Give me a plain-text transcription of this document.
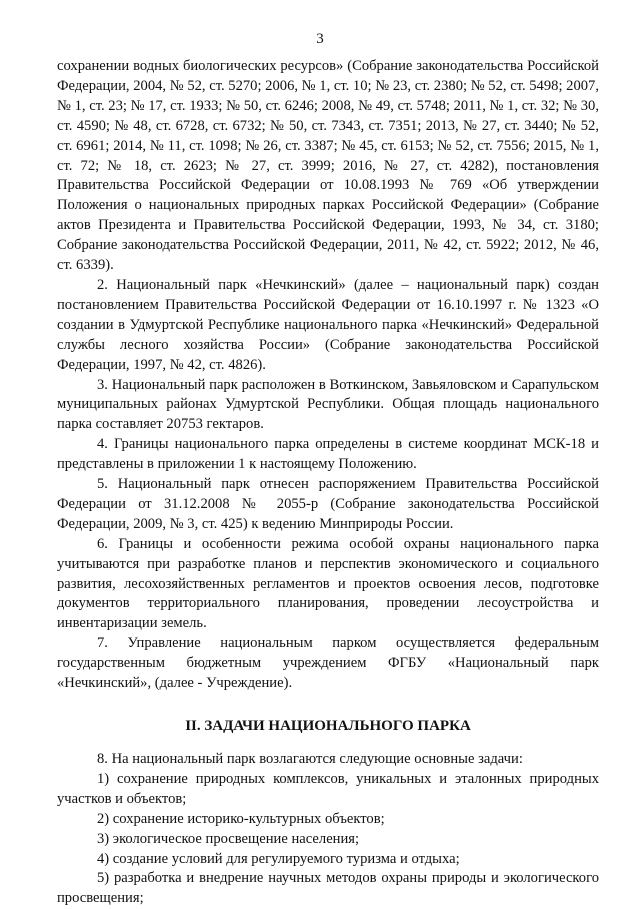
3

сохранении водных биологических ресурсов» (Собрание законодательства Российской Федерации, 2004, № 52, ст. 5270; 2006, № 1, ст. 10; № 23, ст. 2380; № 52, ст. 5498; 2007, № 1, ст. 23; № 17, ст. 1933; № 50, ст. 6246; 2008, № 49, ст. 5748; 2011, № 1, ст. 32; № 30, ст. 4590; № 48, ст. 6728, ст. 6732; № 50, ст. 7343, ст. 7351; 2013, № 27, ст. 3440; № 52, ст. 6961; 2014, № 11, ст. 1098; № 26, ст. 3387; № 45, ст. 6153; № 52, ст. 7556; 2015, № 1, ст. 72; № 18, ст. 2623; № 27, ст. 3999; 2016, № 27, ст. 4282), постановления Правительства Российской Федерации от 10.08.1993 № 769 «Об утверждении Положения о национальных природных парках Российской Федерации» (Собрание актов Президента и Правительства Российской Федерации, 1993, № 34, ст. 3180; Собрание законодательства Российской Федерации, 2011, № 42, ст. 5922; 2012, № 46, ст. 6339).

2. Национальный парк «Нечкинский» (далее – национальный парк) создан постановлением Правительства Российской Федерации от 16.10.1997 г. № 1323 «О создании в Удмуртской Республике национального парка «Нечкинский» Федеральной службы лесного хозяйства России» (Собрание законодательства Российской Федерации, 1997, № 42, ст. 4826).

3. Национальный парк расположен в Воткинском, Завьяловском и Сарапульском муниципальных районах Удмуртской Республики. Общая площадь национального парка составляет 20753 гектаров.

4. Границы национального парка определены в системе координат МСК-18 и представлены в приложении 1 к настоящему Положению.

5. Национальный парк отнесен распоряжением Правительства Российской Федерации от 31.12.2008 № 2055-р (Собрание законодательства Российской Федерации, 2009, № 3, ст. 425) к ведению Минприроды России.

6. Границы и особенности режима особой охраны национального парка учитываются при разработке планов и перспектив экономического и социального развития, лесохозяйственных регламентов и проектов освоения лесов, подготовке документов территориального планирования, проведении лесоустройства и инвентаризации земель.

7. Управление национальным парком осуществляется федеральным государственным бюджетным учреждением ФГБУ «Национальный парк «Нечкинский», (далее - Учреждение).

II. ЗАДАЧИ НАЦИОНАЛЬНОГО ПАРКА

8. На национальный парк возлагаются следующие основные задачи:

1) сохранение природных комплексов, уникальных и эталонных природных участков и объектов;

2) сохранение историко-культурных объектов;

3) экологическое просвещение населения;

4) создание условий для регулируемого туризма и отдыха;

5) разработка и внедрение научных методов охраны природы и экологического просвещения;
